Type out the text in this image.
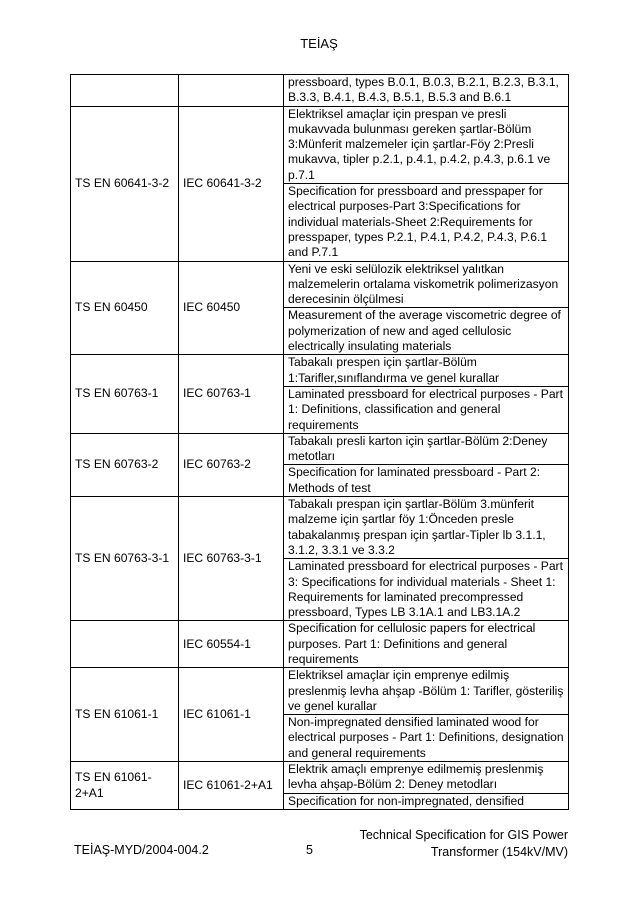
TEİAŞ
		pressboard, types B.0.1, B.0.3, B.2.1, B.2.3, B.3.1, B.3.3, B.4.1, B.4.3, B.5.1, B.5.3 and B.6.1
TS EN 60641-3-2	IEC 60641-3-2	Elektriksel amaçlar için prespan ve presli mukavvada bulunması gereken şartlar-Bölüm 3:Münferit malzemeler için şartlar-Föy 2:Presli mukavva, tipler p.2.1, p.4.1, p.4.2, p.4.3, p.6.1 ve p.7.1
		Specification for pressboard and presspaper for electrical purposes-Part 3:Specifications for individual materials-Sheet 2:Requirements for presspaper, types P.2.1, P.4.1, P.4.2, P.4.3, P.6.1 and P.7.1
TS EN 60450	IEC 60450	Yeni ve eski selülozik elektriksel yalıtkan malzemelerin ortalama viskometrik polimerizasyon derecesinin ölçülmesi
		Measurement of the average viscometric degree of polymerization of new and aged cellulosic electrically insulating materials
TS EN 60763-1	IEC 60763-1	Tabakalı prespen için şartlar-Bölüm 1:Tarifler,sınıflandırma ve genel kurallar
		Laminated pressboard for electrical purposes - Part 1: Definitions, classification and general requirements
TS EN 60763-2	IEC 60763-2	Tabakalı presli karton için şartlar-Bölüm 2:Deney metotları
		Specification for laminated pressboard - Part 2: Methods of test
TS EN 60763-3-1	IEC 60763-3-1	Tabakalı prespan için şartlar-Bölüm 3.münferit malzeme için şartlar föy 1:Önceden presle tabakalanmış prespan için şartlar-Tipler lb 3.1.1, 3.1.2, 3.3.1 ve 3.3.2
		Laminated pressboard for electrical purposes - Part 3: Specifications for individual materials - Sheet 1: Requirements for laminated precompressed pressboard, Types LB 3.1A.1 and LB3.1A.2
	IEC 60554-1	Specification for cellulosic papers for electrical purposes. Part 1: Definitions and general requirements
TS EN 61061-1	IEC 61061-1	Elektriksel amaçlar için emprenye edilmiş preslenmiş levha ahşap -Bölüm 1: Tarifler, gösteriliş ve genel kurallar
		Non-impregnated densified laminated wood for electrical purposes - Part 1: Definitions, designation and general requirements
TS EN 61061-2+A1	IEC 61061-2+A1	Elektrik amaçlı emprenye edilmemiş preslenmiş levha ahşap-Bölüm 2: Deney metodları
		Specification for non-impregnated, densified
TEİAŞ-MYD/2004-004.2	5
Technical Specification for GIS Power
Transformer (154kV/MV)
